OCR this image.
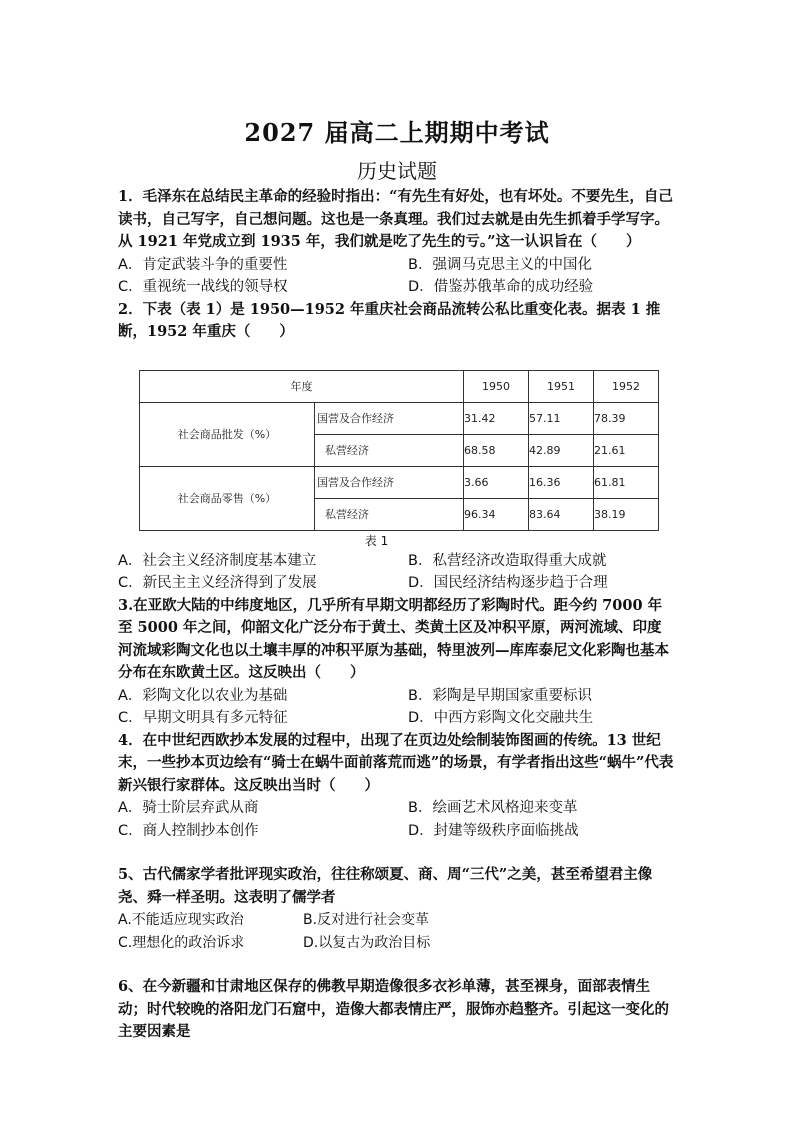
2027 届高二上期期中考试
历史试题

1．毛泽东在总结民主革命的经验时指出：“有先生有好处，也有坏处。不要先生，自己读书，自己写字，自己想问题。这也是一条真理。我们过去就是由先生抓着手学写字。从 1921 年党成立到 1935 年，我们就是吃了先生的亏。”这一认识旨在（　　）

A．肯定武装斗争的重要性	B．强调马克思主义的中国化
C．重视统一战线的领导权	D．借鉴苏俄革命的成功经验

2．下表（表 1）是 1950—1952 年重庆社会商品流转公私比重变化表。据表 1 推断，1952 年重庆（　　）

年度		1950	1951	1952
社会商品批发（%）	国营及合作经济	31.42	57.11	78.39
	私营经济	68.58	42.89	21.61
社会商品零售（%）	国营及合作经济	3.66	16.36	61.81
	私营经济	96.34	83.64	38.19
表 1
A．社会主义经济制度基本建立	B．私营经济改造取得重大成就
C．新民主主义经济得到了发展	D．国民经济结构逐步趋于合理

3.在亚欧大陆的中纬度地区，几乎所有早期文明都经历了彩陶时代。距今约 7000 年至 5000 年之间，仰韶文化广泛分布于黄土、类黄土区及冲积平原，两河流域、印度河流域彩陶文化也以土壤丰厚的冲积平原为基础，特里波列—库库泰尼文化彩陶也基本分布在东欧黄土区。这反映出（　　）

A．彩陶文化以农业为基础	B．彩陶是早期国家重要标识
C．早期文明具有多元特征	D．中西方彩陶文化交融共生

4．在中世纪西欧抄本发展的过程中，出现了在页边处绘制装饰图画的传统。13 世纪末，一些抄本页边绘有“骑士在蜗牛面前落荒而逃”的场景，有学者指出这些“蜗牛”代表新兴银行家群体。这反映出当时（　　）

A．骑士阶层弃武从商	B．绘画艺术风格迎来变革
C．商人控制抄本创作	D．封建等级秩序面临挑战

5、古代儒家学者批评现实政治，往往称颂夏、商、周“三代”之美，甚至希望君主像尧、舜一样圣明。这表明了儒学者

A.不能适应现实政治	B.反对进行社会变革
C.理想化的政治诉求	D.以复古为政治目标

6、在今新疆和甘肃地区保存的佛教早期造像很多衣衫单薄，甚至裸身，面部表情生动；时代较晚的洛阳龙门石窟中，造像大都表情庄严，服饰亦趋整齐。引起这一变化的主要因素是
